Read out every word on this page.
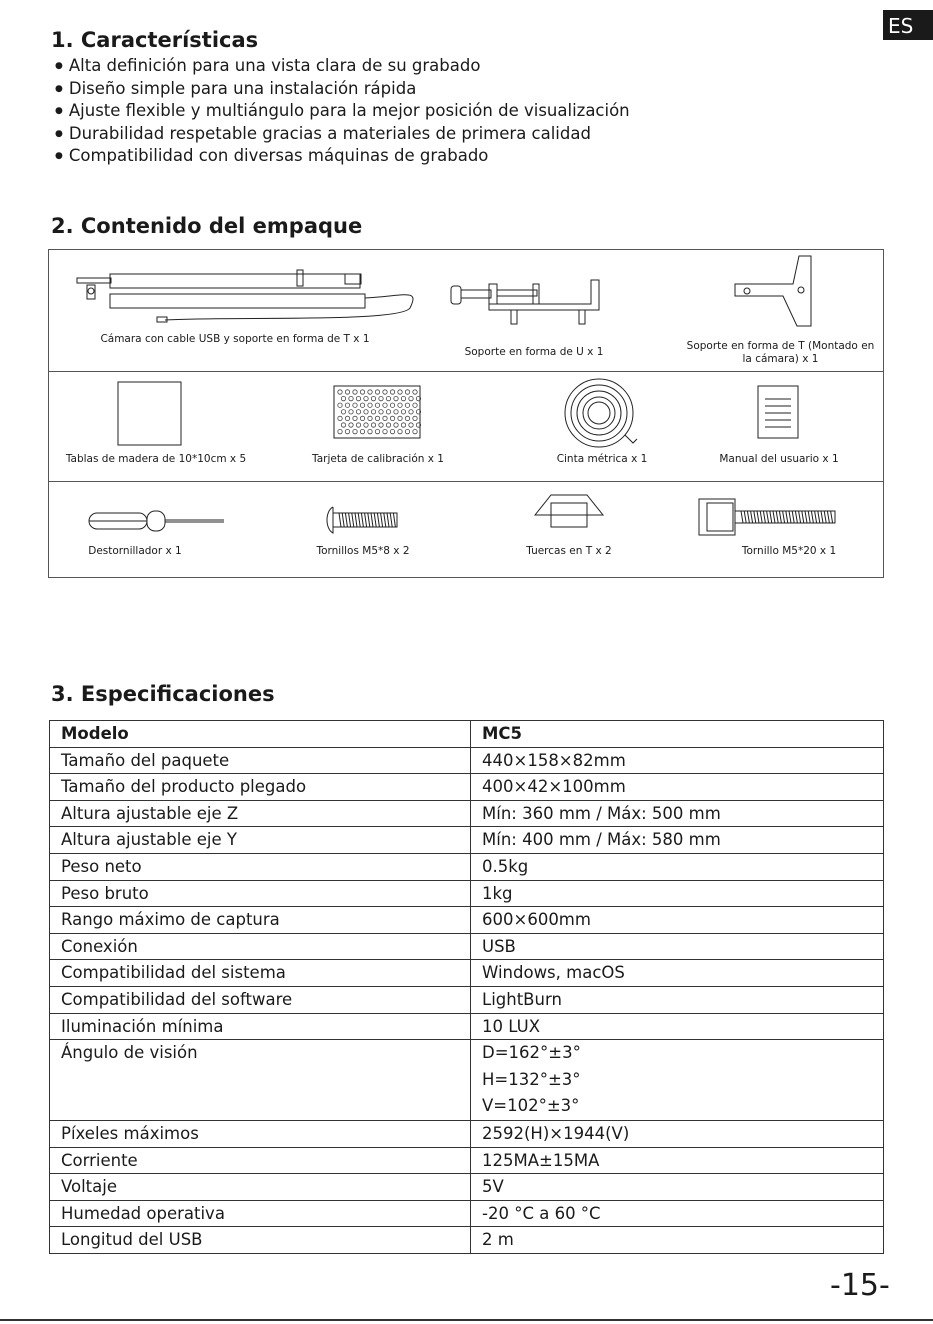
ES
1. Características
● Alta definición para una vista clara de su grabado
● Diseño simple para una instalación rápida
● Ajuste flexible y multiángulo para la mejor posición de visualización
● Durabilidad respetable gracias a materiales de primera calidad
● Compatibilidad con diversas máquinas de grabado
2. Contenido del empaque
Cámara con cable USB y soporte en forma de T x 1
Soporte en forma de U x 1	Soporte en forma de T (Montado en
la cámara) x 1
Tablas de madera de 10*10cm x 5	Tarjeta de calibración x 1	Cinta métrica x 1	Manual del usuario x 1
Destornillador x 1	Tornillos M5*8 x 2	Tuercas en T x 2	Tornillo M5*20 x 1
3. Especificaciones
Modelo	MC5
Tamaño del paquete	440×158×82mm
Tamaño del producto plegado	400×42×100mm
Altura ajustable eje Z	Mín: 360 mm / Máx: 500 mm
Altura ajustable eje Y	Mín: 400 mm / Máx: 580 mm
Peso neto	0.5kg
Peso bruto	1kg
Rango máximo de captura	600×600mm
Conexión	USB
Compatibilidad del sistema	Windows, macOS
Compatibilidad del software	LightBurn
Iluminación mínima	10 LUX
Ángulo de visión	D=162°±3°
H=132°±3°
V=102°±3°

Píxeles máximos	2592(H)×1944(V)
Corriente	125MA±15MA
Voltaje	5V
Humedad operativa	-20 °C a 60 °C
Longitud del USB	2 m
-15-
